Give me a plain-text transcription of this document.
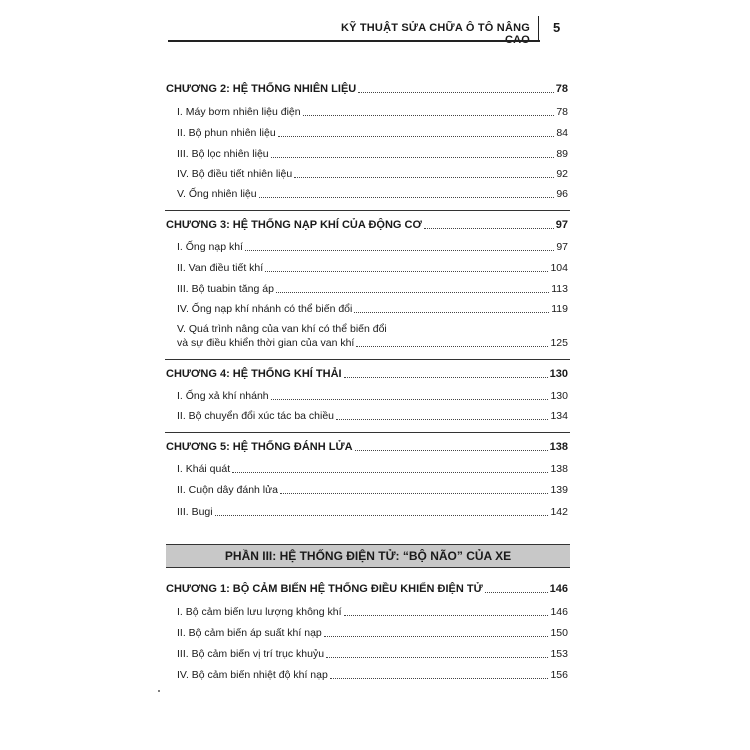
KỸ THUẬT SỬA CHỮA Ô TÔ NÂNG CAO
5
CHƯƠNG 2: HỆ THỐNG NHIÊN LIỆU	78
I. Máy bơm nhiên liệu điện	78
II. Bộ phun nhiên liệu	84
III. Bộ lọc nhiên liệu	89
IV. Bộ điều tiết nhiên liệu	92
V. Ống nhiên liệu	96
CHƯƠNG 3: HỆ THỐNG NẠP KHÍ CỦA ĐỘNG CƠ	97
I. Ống nạp khí	97
II. Van điều tiết khí	104
III. Bộ tuabin tăng áp	113
IV. Ống nạp khí nhánh có thể biến đổi	119
V. Quá trình nâng của van khí có thể biến đổi
và sự điều khiển thời gian của van khí	125
CHƯƠNG 4: HỆ THỐNG KHÍ THẢI	130
I. Ống xả khí nhánh	130
II. Bộ chuyển đổi xúc tác ba chiều	134
CHƯƠNG 5: HỆ THỐNG ĐÁNH LỬA	138
I. Khái quát	138
II. Cuộn dây đánh lửa	139
III. Bugi	142
PHẦN III: HỆ THỐNG ĐIỆN TỬ: “BỘ NÃO” CỦA XE
CHƯƠNG 1: BỘ CẢM BIẾN HỆ THỐNG ĐIỀU KHIỂN ĐIỆN TỬ	146
I. Bộ cảm biến lưu lượng không khí	146
II. Bộ cảm biến áp suất khí nạp	150
III. Bộ cảm biến vị trí trục khuỷu	153
IV. Bộ cảm biến nhiệt độ khí nạp	156
